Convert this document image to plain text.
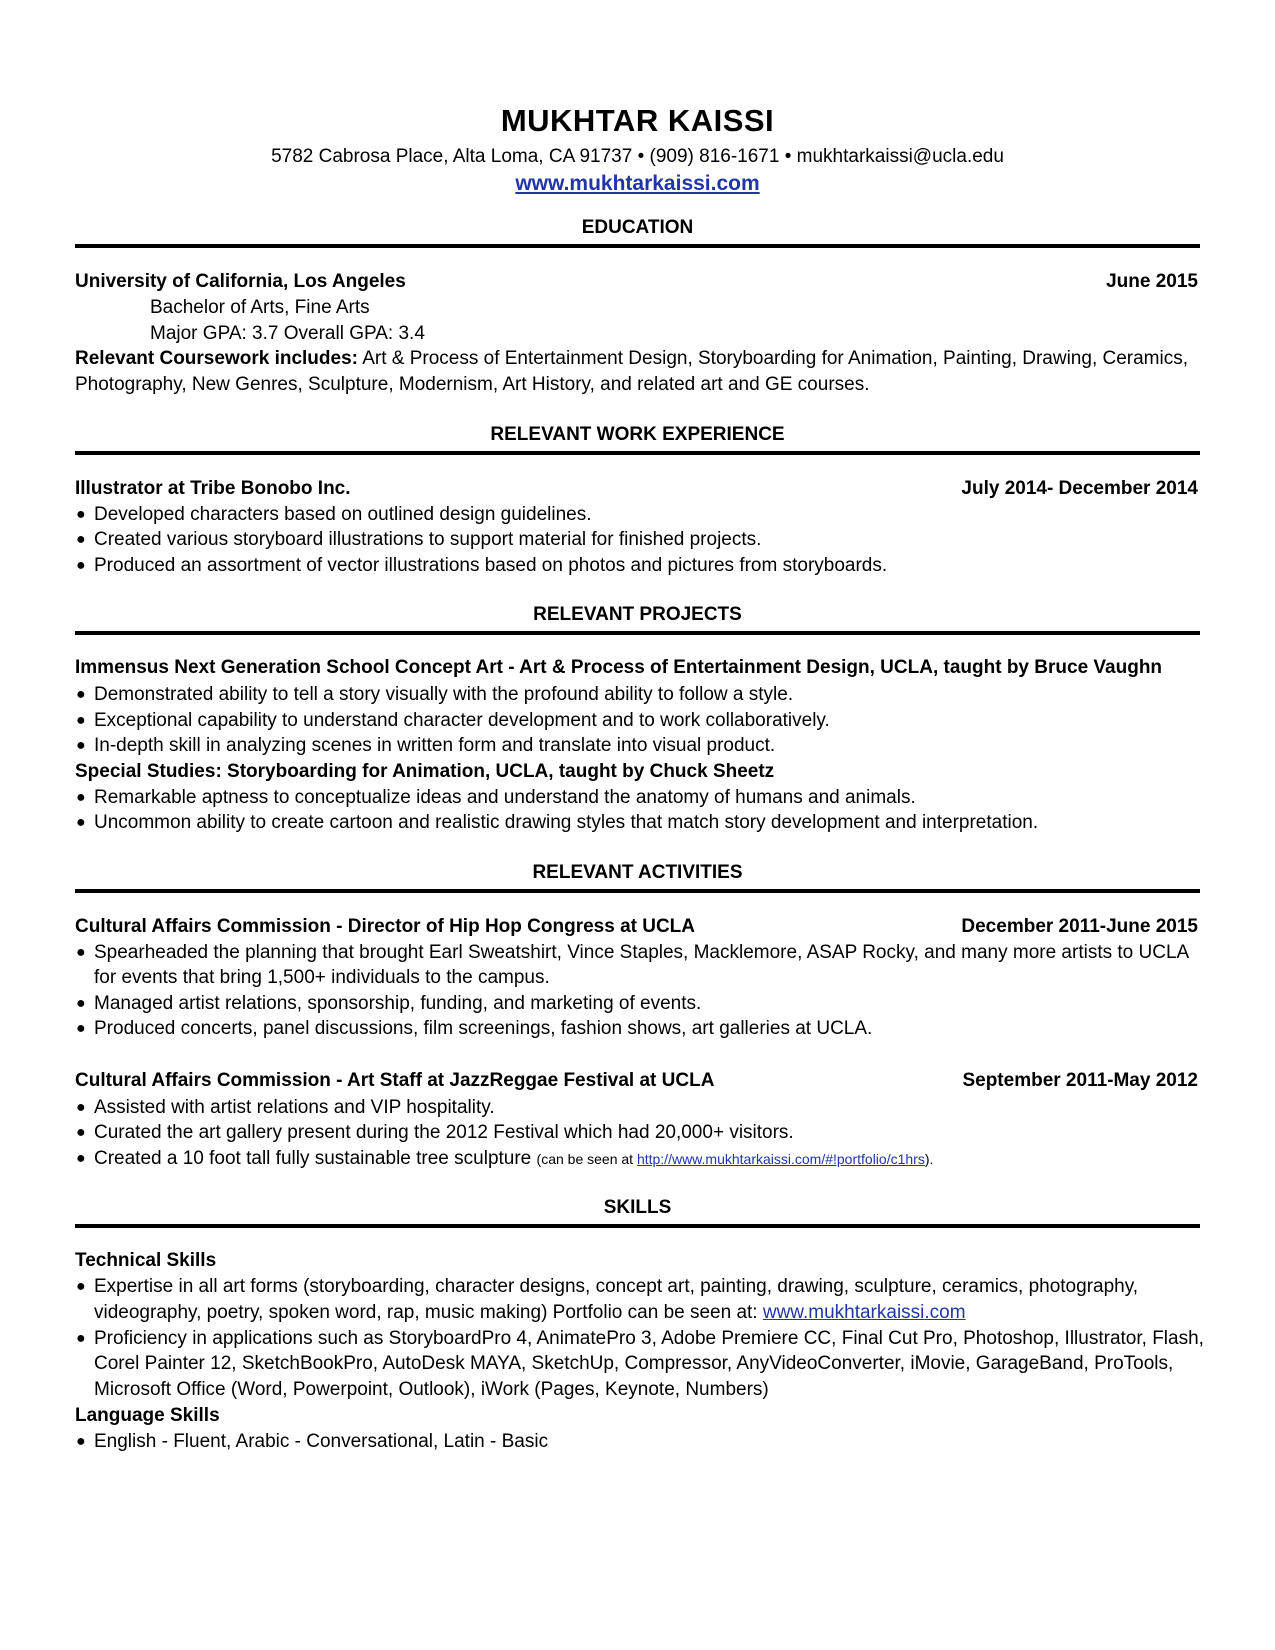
MUKHTAR KAISSI
5782 Cabrosa Place, Alta Loma, CA 91737 • (909) 816-1671 • mukhtarkaissi@ucla.edu
www.mukhtarkaissi.com
EDUCATION
University of California, Los Angeles	June 2015
Bachelor of Arts, Fine Arts
Major GPA: 3.7 Overall GPA: 3.4
Relevant Coursework includes: Art & Process of Entertainment Design, Storyboarding for Animation, Painting, Drawing, Ceramics,
Photography, New Genres, Sculpture, Modernism, Art History, and related art and GE courses.
RELEVANT WORK EXPERIENCE
Illustrator at Tribe Bonobo Inc.	July 2014- December 2014
● Developed characters based on outlined design guidelines.
● Created various storyboard illustrations to support material for finished projects.
● Produced an assortment of vector illustrations based on photos and pictures from storyboards.
RELEVANT PROJECTS
Immensus Next Generation School Concept Art - Art & Process of Entertainment Design, UCLA, taught by Bruce Vaughn
● Demonstrated ability to tell a story visually with the profound ability to follow a style.
● Exceptional capability to understand character development and to work collaboratively.
● In-depth skill in analyzing scenes in written form and translate into visual product.
Special Studies: Storyboarding for Animation, UCLA, taught by Chuck Sheetz
● Remarkable aptness to conceptualize ideas and understand the anatomy of humans and animals.
● Uncommon ability to create cartoon and realistic drawing styles that match story development and interpretation.
RELEVANT ACTIVITIES
Cultural Affairs Commission - Director of Hip Hop Congress at UCLA	December 2011-June 2015
● Spearheaded the planning that brought Earl Sweatshirt, Vince Staples, Macklemore, ASAP Rocky, and many more artists to UCLA
for events that bring 1,500+ individuals to the campus.
● Managed artist relations, sponsorship, funding, and marketing of events.
● Produced concerts, panel discussions, film screenings, fashion shows, art galleries at UCLA.
Cultural Affairs Commission - Art Staff at JazzReggae Festival at UCLA	September 2011-May 2012
● Assisted with artist relations and VIP hospitality.
● Curated the art gallery present during the 2012 Festival which had 20,000+ visitors.
● Created a 10 foot tall fully sustainable tree sculpture (can be seen at http://www.mukhtarkaissi.com/#!portfolio/c1hrs).
SKILLS
Technical Skills
● Expertise in all art forms (storyboarding, character designs, concept art, painting, drawing, sculpture, ceramics, photography,
videography, poetry, spoken word, rap, music making) Portfolio can be seen at: www.mukhtarkaissi.com
● Proficiency in applications such as StoryboardPro 4, AnimatePro 3, Adobe Premiere CC, Final Cut Pro, Photoshop, Illustrator, Flash,
Corel Painter 12, SketchBookPro, AutoDesk MAYA, SketchUp, Compressor, AnyVideoConverter, iMovie, GarageBand, ProTools,
Microsoft Office (Word, Powerpoint, Outlook), iWork (Pages, Keynote, Numbers)
Language Skills
● English - Fluent, Arabic - Conversational, Latin - Basic
